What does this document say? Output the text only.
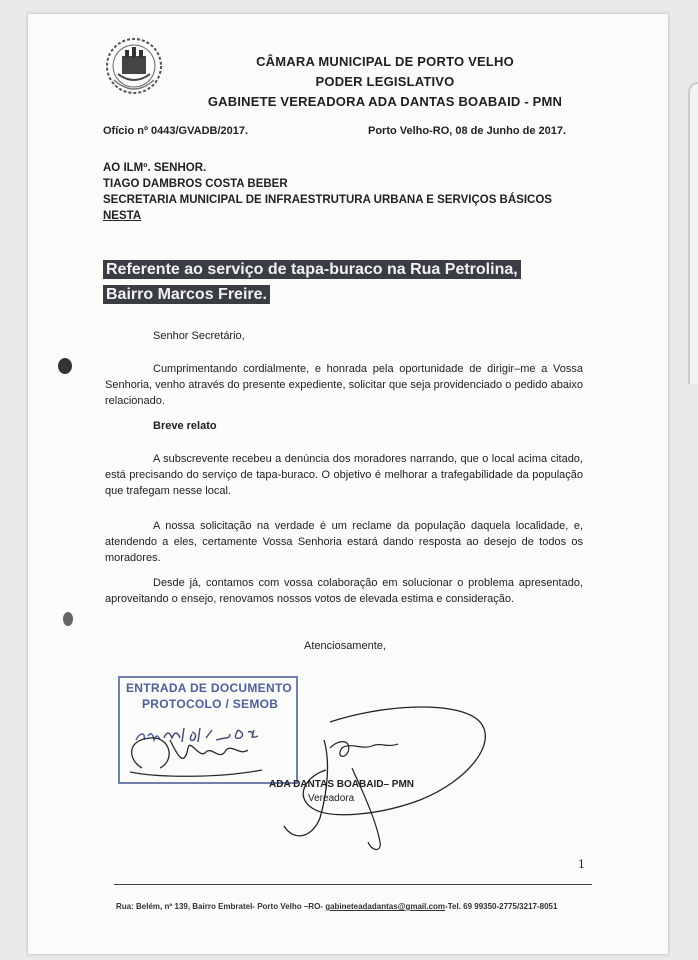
CÂMARA MUNICIPAL DE PORTO VELHO
PODER LEGISLATIVO
GABINETE VEREADORA ADA DANTAS BOABAID - PMN
Ofício nº 0443/GVADB/2017.	Porto Velho-RO, 08 de Junho de 2017.
AO ILMº. SENHOR.
TIAGO DAMBROS COSTA BEBER
SECRETARIA MUNICIPAL DE INFRAESTRUTURA URBANA E SERVIÇOS BÁSICOS
NESTA
Referente ao serviço de tapa-buraco na Rua Petrolina,
Bairro Marcos Freire.
Senhor Secretário,

Cumprimentando cordialmente, e honrada pela oportunidade de dirigir–me a Vossa Senhoria, venho através do presente expediente, solicitar que seja providenciado o pedido abaixo relacionado.

Breve relato

A subscrevente recebeu a denúncia dos moradores narrando, que o local acima citado, está precisando do serviço de tapa-buraco. O objetivo é melhorar a trafegabilidade da população que trafegam nesse local.

A nossa solicitação na verdade é um reclame da população daquela localidade, e, atendendo a eles, certamente Vossa Senhoria estará dando resposta ao desejo de todos os moradores.

Desde já, contamos com vossa colaboração em solucionar o problema apresentado, aproveitando o ensejo, renovamos nossos votos de elevada estima e consideração.

Atenciosamente,
ENTRADA DE DOCUMENTO
PROTOCOLO / SEMOB
ADA DANTAS BOABAID– PMN
Vereadora
1
Rua: Belém, nº 139, Bairro Embratel- Porto Velho –RO- gabineteadadantas@gmail.com-Tel. 69 99350-2775/3217-8051
